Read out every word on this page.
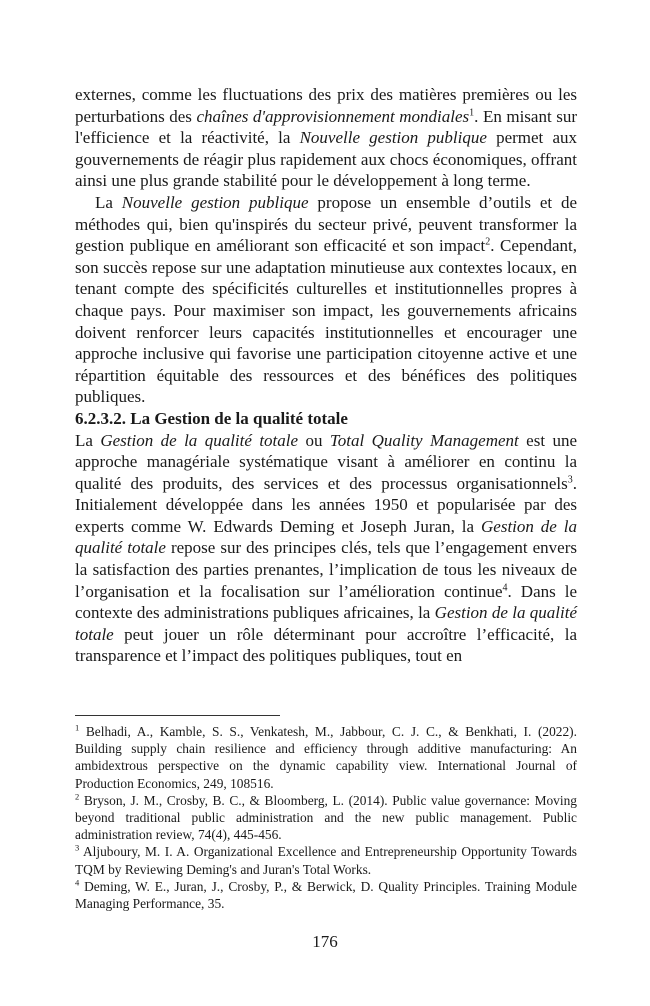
externes, comme les fluctuations des prix des matières premières ou les perturbations des chaînes d'approvisionnement mondiales$^1$. En misant sur l'efficience et la réactivité, la Nouvelle gestion publique permet aux gouvernements de réagir plus rapidement aux chocs économiques, offrant ainsi une plus grande stabilité pour le développement à long terme.

La Nouvelle gestion publique propose un ensemble d’outils et de méthodes qui, bien qu'inspirés du secteur privé, peuvent transformer la gestion publique en améliorant son efficacité et son impact$^2$. Cependant, son succès repose sur une adaptation minutieuse aux contextes locaux, en tenant compte des spécificités culturelles et institutionnelles propres à chaque pays. Pour maximiser son impact, les gouvernements africains doivent renforcer leurs capacités institutionnelles et encourager une approche inclusive qui favorise une participation citoyenne active et une répartition équitable des ressources et des bénéfices des politiques publiques.

6.2.3.2. La Gestion de la qualité totale

La Gestion de la qualité totale ou Total Quality Management est une approche managériale systématique visant à améliorer en continu la qualité des produits, des services et des processus organisationnels$^3$. Initialement développée dans les années 1950 et popularisée par des experts comme W. Edwards Deming et Joseph Juran, la Gestion de la qualité totale repose sur des principes clés, tels que l’engagement envers la satisfaction des parties prenantes, l’implication de tous les niveaux de l’organisation et la focalisation sur l’amélioration continue$^4$. Dans le contexte des administrations publiques africaines, la Gestion de la qualité totale peut jouer un rôle déterminant pour accroître l’efficacité, la transparence et l’impact des politiques publiques, tout en

$^1$ Belhadi, A., Kamble, S. S., Venkatesh, M., Jabbour, C. J. C., & Benkhati, I. (2022). Building supply chain resilience and efficiency through additive manufacturing: An ambidextrous perspective on the dynamic capability view. International Journal of Production Economics, 249, 108516.

$^2$ Bryson, J. M., Crosby, B. C., & Bloomberg, L. (2014). Public value governance: Moving beyond traditional public administration and the new public management. Public administration review, 74(4), 445-456.

$^3$ Aljuboury, M. I. A. Organizational Excellence and Entrepreneurship Opportunity Towards TQM by Reviewing Deming's and Juran's Total Works.

$^4$ Deming, W. E., Juran, J., Crosby, P., & Berwick, D. Quality Principles. Training Module Managing Performance, 35.

176
